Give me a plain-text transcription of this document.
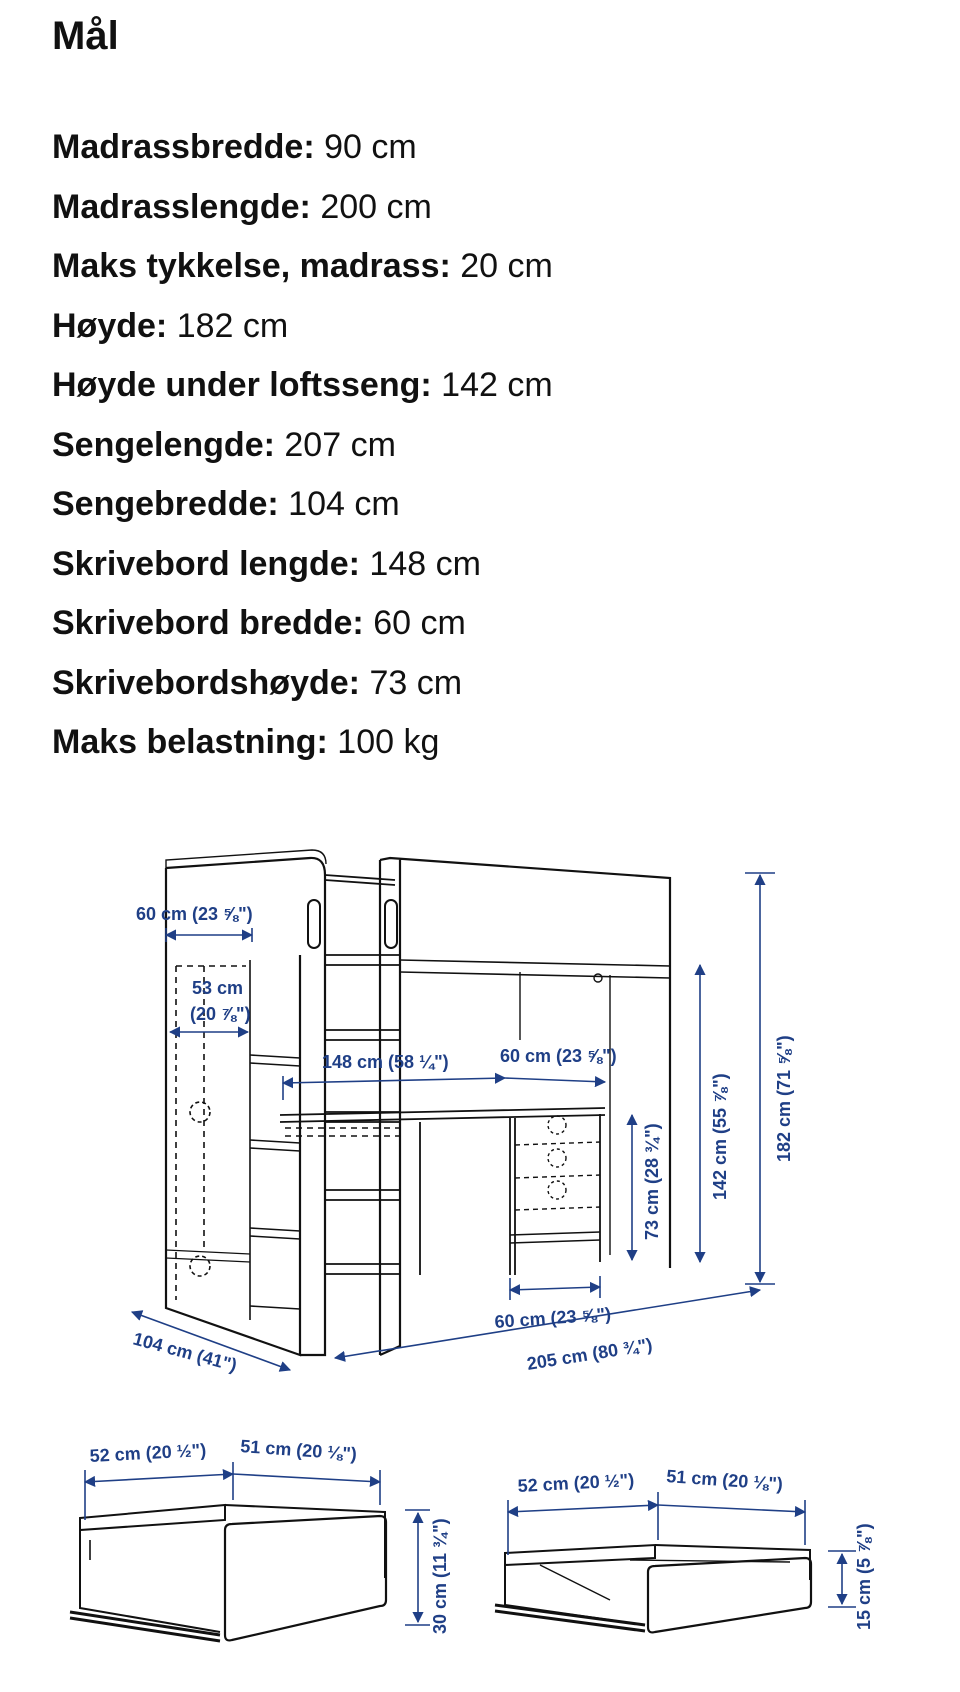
Mål
Madrassbredde: 90 cm
Madrasslengde: 200 cm
Maks tykkelse, madrass: 20 cm
Høyde: 182 cm
Høyde under loftsseng: 142 cm
Sengelengde: 207 cm
Sengebredde: 104 cm
Skrivebord lengde: 148 cm
Skrivebord bredde: 60 cm
Skrivebordshøyde: 73 cm
Maks belastning: 100 kg
60 cm (23 ⅝")
53 cm
(20 ⅞")
148 cm (58 ¼")	60 cm (23 ⅝")
142 cm (55 ⅞") 182 cm (71 ⅝")
73 cm (28 ¾")
60 cm (23 ⅝")
104 cm (41")	205 cm (80 ¾")
52 cm (20 ½") 51 cm (20 ⅛")
30 cm (11 ¾")
52 cm (20 ½") 51 cm (20 ⅛")
15 cm (5 ⅞")
